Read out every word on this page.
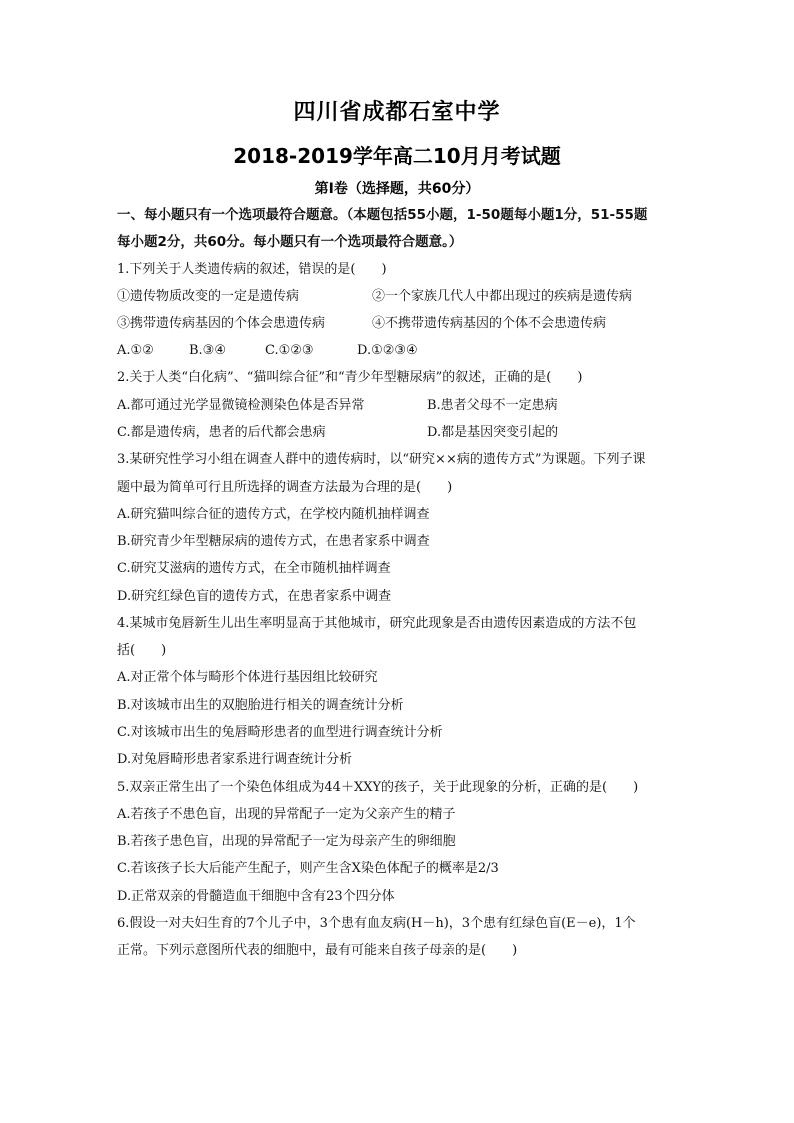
四川省成都石室中学
2018-2019学年高二10月月考试题
第Ⅰ卷（选择题，共60分）
一、每小题只有一个选项最符合题意。（本题包括55小题，1-50题每小题1分，51-55题
每小题2分，共60分。每小题只有一个选项最符合题意。）
1.下列关于人类遗传病的叙述，错误的是(　　)
①遗传物质改变的一定是遗传病	②一个家族几代人中都出现过的疾病是遗传病
③携带遗传病基因的个体会患遗传病	④不携带遗传病基因的个体不会患遗传病
A.①②	B.③④	C.①②③	D.①②③④
2.关于人类“白化病”、“猫叫综合征”和“青少年型糖尿病”的叙述，正确的是(　　)
A.都可通过光学显微镜检测染色体是否异常	B.患者父母不一定患病
C.都是遗传病，患者的后代都会患病	D.都是基因突变引起的
3.某研究性学习小组在调查人群中的遗传病时，以“研究××病的遗传方式”为课题。下列子课
题中最为简单可行且所选择的调查方法最为合理的是(　　)
A.研究猫叫综合征的遗传方式，在学校内随机抽样调查
B.研究青少年型糖尿病的遗传方式，在患者家系中调查
C.研究艾滋病的遗传方式，在全市随机抽样调查
D.研究红绿色盲的遗传方式，在患者家系中调查
4.某城市兔唇新生儿出生率明显高于其他城市，研究此现象是否由遗传因素造成的方法不包
括(　　)
A.对正常个体与畸形个体进行基因组比较研究
B.对该城市出生的双胞胎进行相关的调查统计分析
C.对该城市出生的兔唇畸形患者的血型进行调查统计分析
D.对兔唇畸形患者家系进行调查统计分析
5.双亲正常生出了一个染色体组成为44＋XXY的孩子，关于此现象的分析，正确的是(　　)
A.若孩子不患色盲，出现的异常配子一定为父亲产生的精子
B.若孩子患色盲，出现的异常配子一定为母亲产生的卵细胞
C.若该孩子长大后能产生配子，则产生含X染色体配子的概率是2/3
D.正常双亲的骨髓造血干细胞中含有23个四分体
6.假设一对夫妇生育的7个儿子中，3个患有血友病(H－h)，3个患有红绿色盲(E－e)，1个
正常。下列示意图所代表的细胞中，最有可能来自孩子母亲的是(　　)
